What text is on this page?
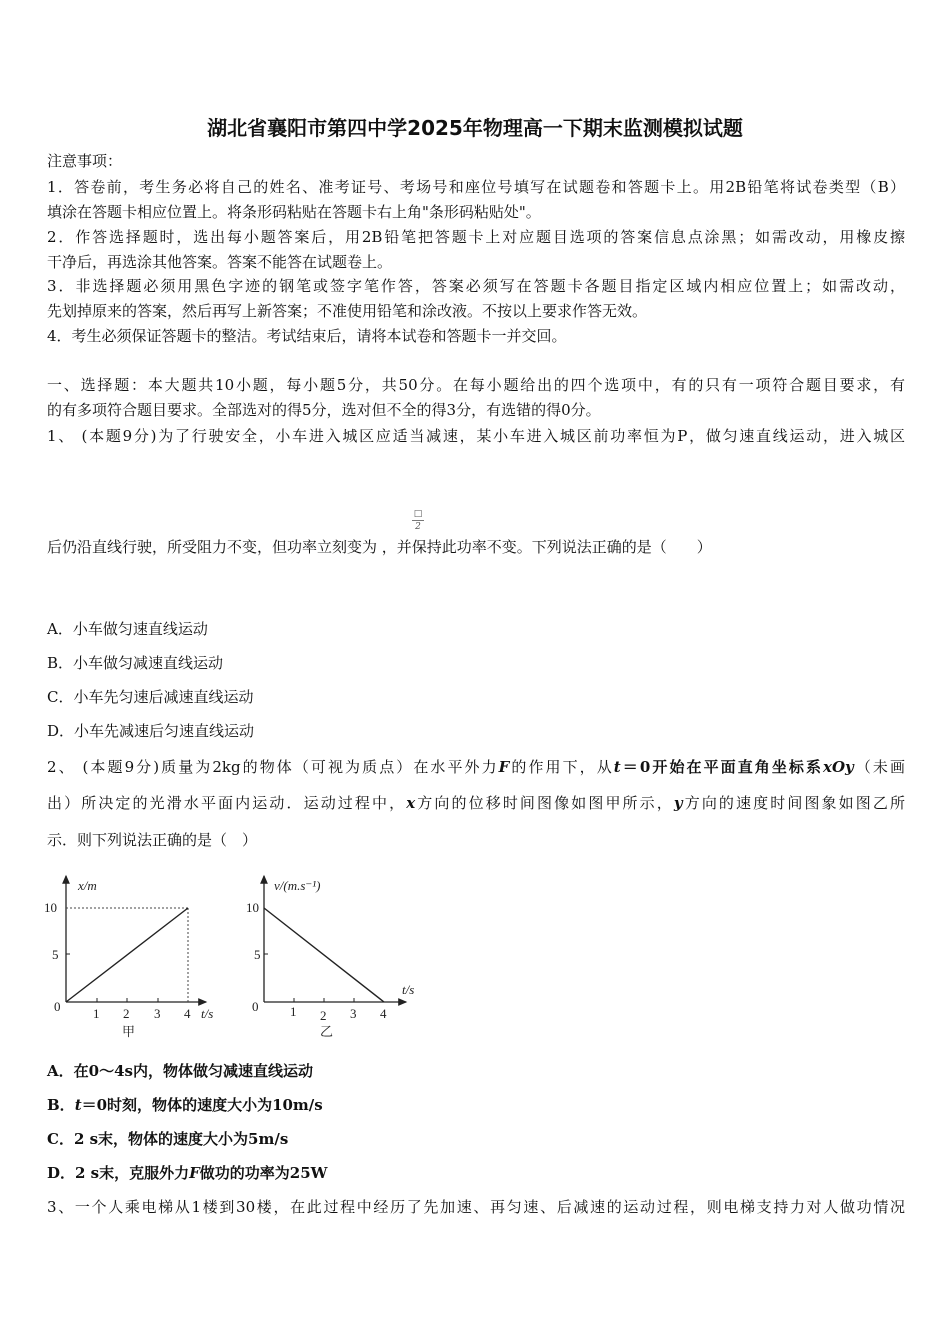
湖北省襄阳市第四中学2025年物理高一下期末监测模拟试题
注意事项：
1．答卷前，考生务必将自己的姓名、准考证号、考场号和座位号填写在试题卷和答题卡上。用2B铅笔将试卷类型（B）
填涂在答题卡相应位置上。将条形码粘贴在答题卡右上角"条形码粘贴处"。
2．作答选择题时，选出每小题答案后，用2B铅笔把答题卡上对应题目选项的答案信息点涂黑；如需改动，用橡皮擦
干净后，再选涂其他答案。答案不能答在试题卷上。
3．非选择题必须用黑色字迹的钢笔或签字笔作答，答案必须写在答题卡各题目指定区域内相应位置上；如需改动，
先划掉原来的答案，然后再写上新答案；不准使用铅笔和涂改液。不按以上要求作答无效。
4．考生必须保证答题卡的整洁。考试结束后，请将本试卷和答题卡一并交回。
一、选择题：本大题共10小题，每小题5分，共50分。在每小题给出的四个选项中，有的只有一项符合题目要求，有
的有多项符合题目要求。全部选对的得5分，选对但不全的得3分，有选错的得0分。
1、 (本题9分)为了行驶安全，小车进入城区应适当减速，某小车进入城区前功率恒为P，做匀速直线运动，进入城区
□
2
后仍沿直线行驶，所受阻力不变，但功率立刻变为 ，并保持此功率不变。下列说法正确的是（　　）
A．小车做匀速直线运动
B．小车做匀减速直线运动
C．小车先匀速后减速直线运动
D．小车先减速后匀速直线运动
2、 (本题9分)质量为2kg的物体（可视为质点）在水平外力F的作用下，从t＝0开始在平面直角坐标系xOy（未画
出）所决定的光滑水平面内运动．运动过程中，x方向的位移时间图像如图甲所示，y方向的速度时间图象如图乙所
示．则下列说法正确的是（　）
x/m
10
5
0	1 2 3 4 t/s
甲
v/(m.s⁻¹)
10
5
0 1 2 3 4
t/s
乙
A．在0～4s内，物体做匀减速直线运动
B．t＝0时刻，物体的速度大小为10m/s
C．2 s末，物体的速度大小为5m/s
D．2 s末，克服外力F做功的功率为25W
3、一个人乘电梯从1楼到30楼，在此过程中经历了先加速、再匀速、后减速的运动过程，则电梯支持力对人做功情况
